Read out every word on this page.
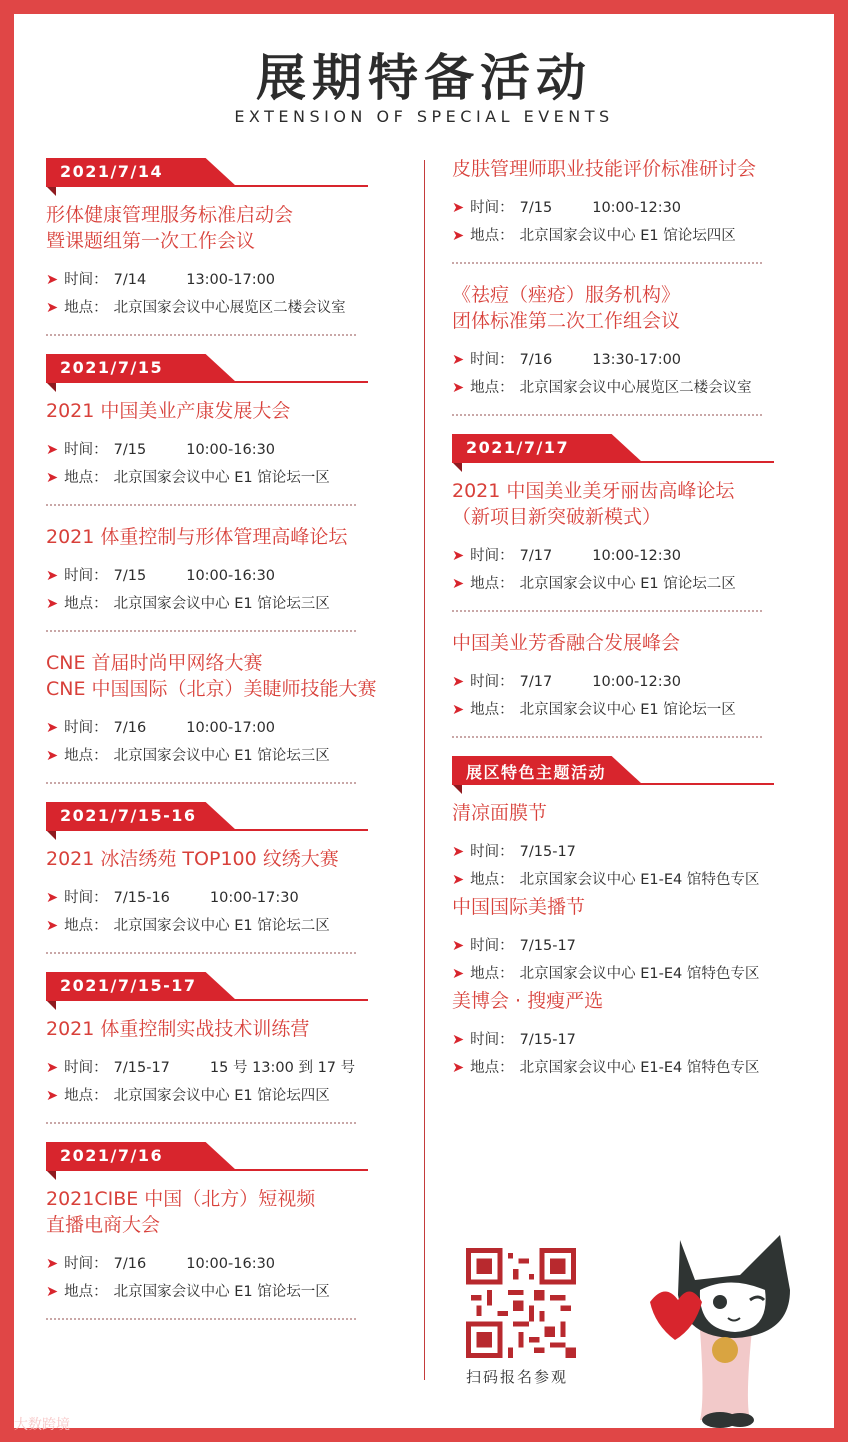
展期特备活动
EXTENSION OF SPECIAL EVENTS
2021/7/14
形体健康管理服务标准启动会
暨课题组第一次工作会议
➤ 时间： 7/14	13:00-17:00
➤ 地点： 北京国家会议中心展览区二楼会议室
2021/7/15
2021 中国美业产康发展大会
➤ 时间： 7/15	10:00-16:30
➤ 地点： 北京国家会议中心 E1 馆论坛一区
2021 体重控制与形体管理高峰论坛
➤ 时间： 7/15	10:00-16:30
➤ 地点： 北京国家会议中心 E1 馆论坛三区
CNE 首届时尚甲网络大赛
CNE 中国国际（北京）美睫师技能大赛
➤ 时间： 7/16	10:00-17:00
➤ 地点： 北京国家会议中心 E1 馆论坛三区
2021/7/15-16
2021 冰洁绣苑 TOP100 纹绣大赛
➤ 时间： 7/15-16	10:00-17:30
➤ 地点： 北京国家会议中心 E1 馆论坛二区
2021/7/15-17
2021 体重控制实战技术训练营
➤ 时间： 7/15-17	15 号 13:00 到 17 号
➤ 地点： 北京国家会议中心 E1 馆论坛四区
2021/7/16
2021CIBE 中国（北方）短视频
直播电商大会
➤ 时间： 7/16	10:00-16:30
➤ 地点： 北京国家会议中心 E1 馆论坛一区
皮肤管理师职业技能评价标准研讨会
➤ 时间： 7/15	10:00-12:30
➤ 地点： 北京国家会议中心 E1 馆论坛四区
《祛痘（痤疮）服务机构》
团体标准第二次工作组会议
➤ 时间： 7/16	13:30-17:00
➤ 地点： 北京国家会议中心展览区二楼会议室
2021/7/17
2021 中国美业美牙丽齿高峰论坛
（新项目新突破新模式）
➤ 时间： 7/17	10:00-12:30
➤ 地点： 北京国家会议中心 E1 馆论坛二区
中国美业芳香融合发展峰会
➤ 时间： 7/17	10:00-12:30
➤ 地点： 北京国家会议中心 E1 馆论坛一区
展区特色主题活动
清凉面膜节
➤ 时间： 7/15-17
➤ 地点： 北京国家会议中心 E1-E4 馆特色专区
中国国际美播节
➤ 时间： 7/15-17
➤ 地点： 北京国家会议中心 E1-E4 馆特色专区
美博会 · 搜瘦严选
➤ 时间： 7/15-17
➤ 地点： 北京国家会议中心 E1-E4 馆特色专区
扫码报名参观
大数跨境
